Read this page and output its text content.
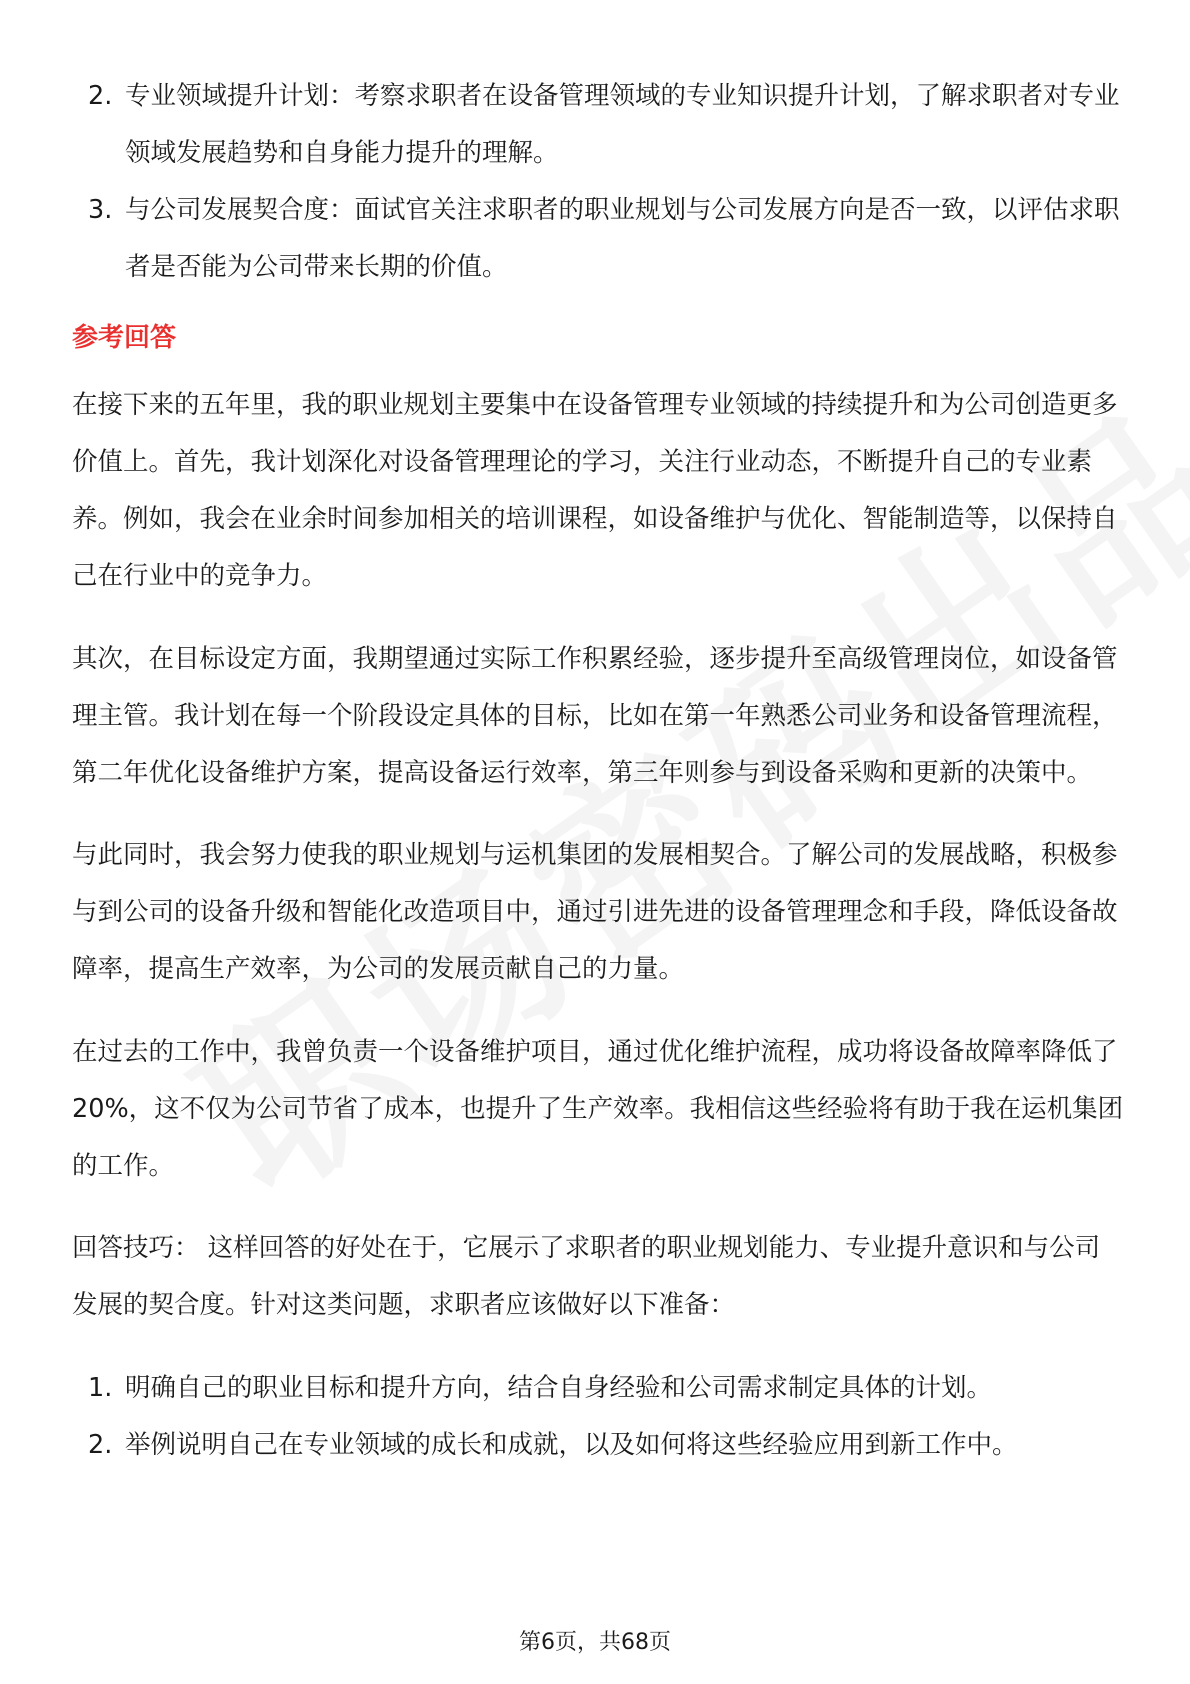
2. 专业领域提升计划：考察求职者在设备管理领域的专业知识提升计划，了解求职者对专业领域发展趋势和自身能力提升的理解。
3. 与公司发展契合度：面试官关注求职者的职业规划与公司发展方向是否一致，以评估求职者是否能为公司带来长期的价值。
参考回答

在接下来的五年里，我的职业规划主要集中在设备管理专业领域的持续提升和为公司创造更多价值上。首先，我计划深化对设备管理理论的学习，关注行业动态，不断提升自己的专业素养。例如，我会在业余时间参加相关的培训课程，如设备维护与优化、智能制造等，以保持自己在行业中的竞争力。

其次，在目标设定方面，我期望通过实际工作积累经验，逐步提升至高级管理岗位，如设备管理主管。我计划在每一个阶段设定具体的目标，比如在第一年熟悉公司业务和设备管理流程，第二年优化设备维护方案，提高设备运行效率，第三年则参与到设备采购和更新的决策中。

与此同时，我会努力使我的职业规划与运机集团的发展相契合。了解公司的发展战略，积极参与到公司的设备升级和智能化改造项目中，通过引进先进的设备管理理念和手段，降低设备故障率，提高生产效率，为公司的发展贡献自己的力量。

在过去的工作中，我曾负责一个设备维护项目，通过优化维护流程，成功将设备故障率降低了20%，这不仅为公司节省了成本，也提升了生产效率。我相信这些经验将有助于我在运机集团的工作。

回答技巧： 这样回答的好处在于，它展示了求职者的职业规划能力、专业提升意识和与公司发展的契合度。针对这类问题，求职者应该做好以下准备：

1. 明确自己的职业目标和提升方向，结合自身经验和公司需求制定具体的计划。
2. 举例说明自己在专业领域的成长和成就，以及如何将这些经验应用到新工作中。
第6页，共68页
